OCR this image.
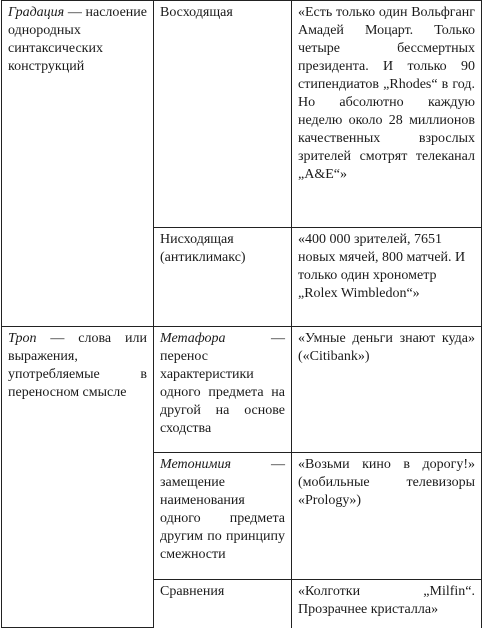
Градация — наслоение однородных синтаксических конструкций	Восходящая	«Есть только один Вольфганг Амадей Моцарт. Только четыре бессмертных президента. И только 90 стипендиатов „Rhodes“ в год. Но абсолютно каждую неделю около 28 миллионов качественных взрослых зрителей смотрят телеканал „A&E“»
	Нисходящая (антиклимакс)	«400 000 зрителей, 7651 новых мячей, 800 матчей. И только один хронометр „Rolex Wimbledon“»
Троп — слова или выражения, употребляемые в переносном смысле	Метафора — перенос характеристики одного предмета на другой на основе сходства	«Умные деньги знают куда» («Citibank»)
	Метонимия — замещение наименования одного предмета другим по принципу смежности	«Возьми кино в дорогу!» (мобильные телевизоры «Prology»)
	Сравнения	«Колготки „Milfin“. Прозрачнее кристалла»
